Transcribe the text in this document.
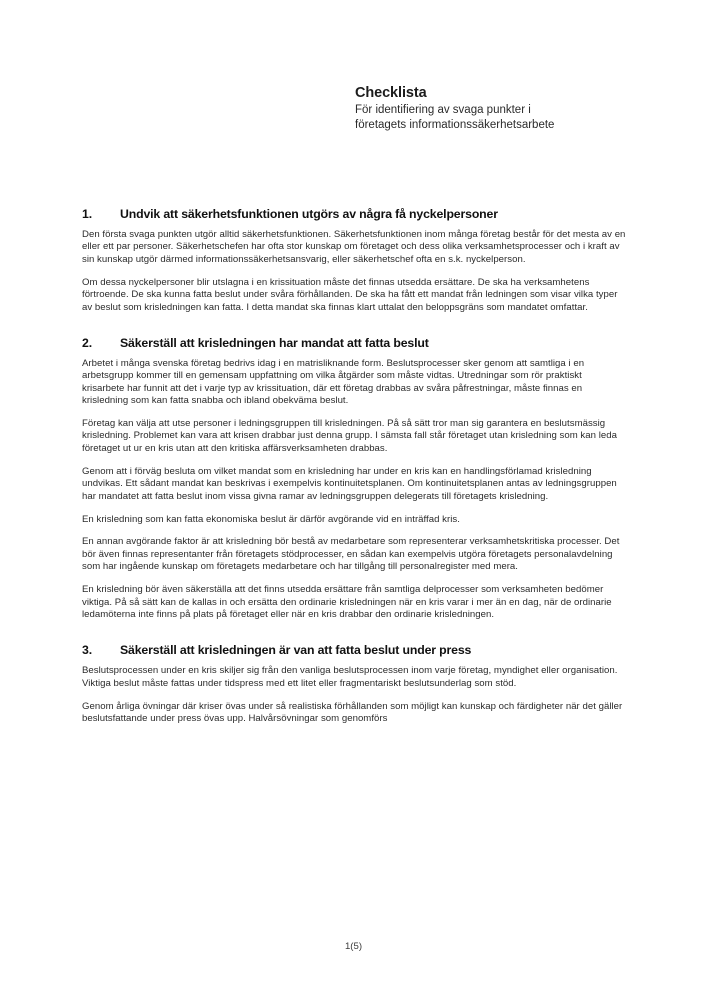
Checklista
För identifiering av svaga punkter i
företagets informationssäkerhetsarbete
1.	Undvik att säkerhetsfunktionen utgörs av några få nyckelpersoner

Den första svaga punkten utgör alltid säkerhetsfunktionen. Säkerhetsfunktionen inom många företag består för det mesta av en eller ett par personer. Säkerhetschefen har ofta stor kunskap om företaget och dess olika verksamhetsprocesser och i kraft av sin kunskap utgör därmed informationssäkerhetsansvarig, eller säkerhetschef ofta en s.k. nyckelperson.

Om dessa nyckelpersoner blir utslagna i en krissituation måste det finnas utsedda ersättare. De ska ha verksamhetens förtroende. De ska kunna fatta beslut under svåra förhållanden. De ska ha fått ett mandat från ledningen som visar vilka typer av beslut som krisledningen kan fatta. I detta mandat ska finnas klart uttalat den beloppsgräns som mandatet omfattar.

2.	Säkerställ att krisledningen har mandat att fatta beslut

Arbetet i många svenska företag bedrivs idag i en matrisliknande form. Beslutsprocesser sker genom att samtliga i en arbetsgrupp kommer till en gemensam uppfattning om vilka åtgärder som måste vidtas. Utredningar som rör praktiskt krisarbete har funnit att det i varje typ av krissituation, där ett företag drabbas av svåra påfrestningar, måste finnas en krisledning som kan fatta snabba och ibland obekväma beslut.

Företag kan välja att utse personer i ledningsgruppen till krisledningen. På så sätt tror man sig garantera en beslutsmässig krisledning. Problemet kan vara att krisen drabbar just denna grupp. I sämsta fall står företaget utan krisledning som kan leda företaget ut ur en kris utan att den kritiska affärsverksamheten drabbas.

Genom att i förväg besluta om vilket mandat som en krisledning har under en kris kan en handlingsförlamad krisledning undvikas. Ett sådant mandat kan beskrivas i exempelvis kontinuitetsplanen. Om kontinuitetsplanen antas av ledningsgruppen har mandatet att fatta beslut inom vissa givna ramar av ledningsgruppen delegerats till företagets krisledning.

En krisledning som kan fatta ekonomiska beslut är därför avgörande vid en inträffad kris.

En annan avgörande faktor är att krisledning bör bestå av medarbetare som representerar verksamhetskritiska processer. Det bör även finnas representanter från företagets stödprocesser, en sådan kan exempelvis utgöra företagets personalavdelning som har ingående kunskap om företagets medarbetare och har tillgång till personalregister med mera.

En krisledning bör även säkerställa att det finns utsedda ersättare från samtliga delprocesser som verksamheten bedömer viktiga. På så sätt kan de kallas in och ersätta den ordinarie krisledningen när en kris varar i mer än en dag, när de ordinarie ledamöterna inte finns på plats på företaget eller när en kris drabbar den ordinarie krisledningen.

3.	Säkerställ att krisledningen är van att fatta beslut under press

Beslutsprocessen under en kris skiljer sig från den vanliga beslutsprocessen inom varje företag, myndighet eller organisation. Viktiga beslut måste fattas under tidspress med ett litet eller fragmentariskt beslutsunderlag som stöd.

Genom årliga övningar där kriser övas under så realistiska förhållanden som möjligt kan kunskap och färdigheter när det gäller beslutsfattande under press övas upp. Halvårsövningar som genomförs

1(5)
